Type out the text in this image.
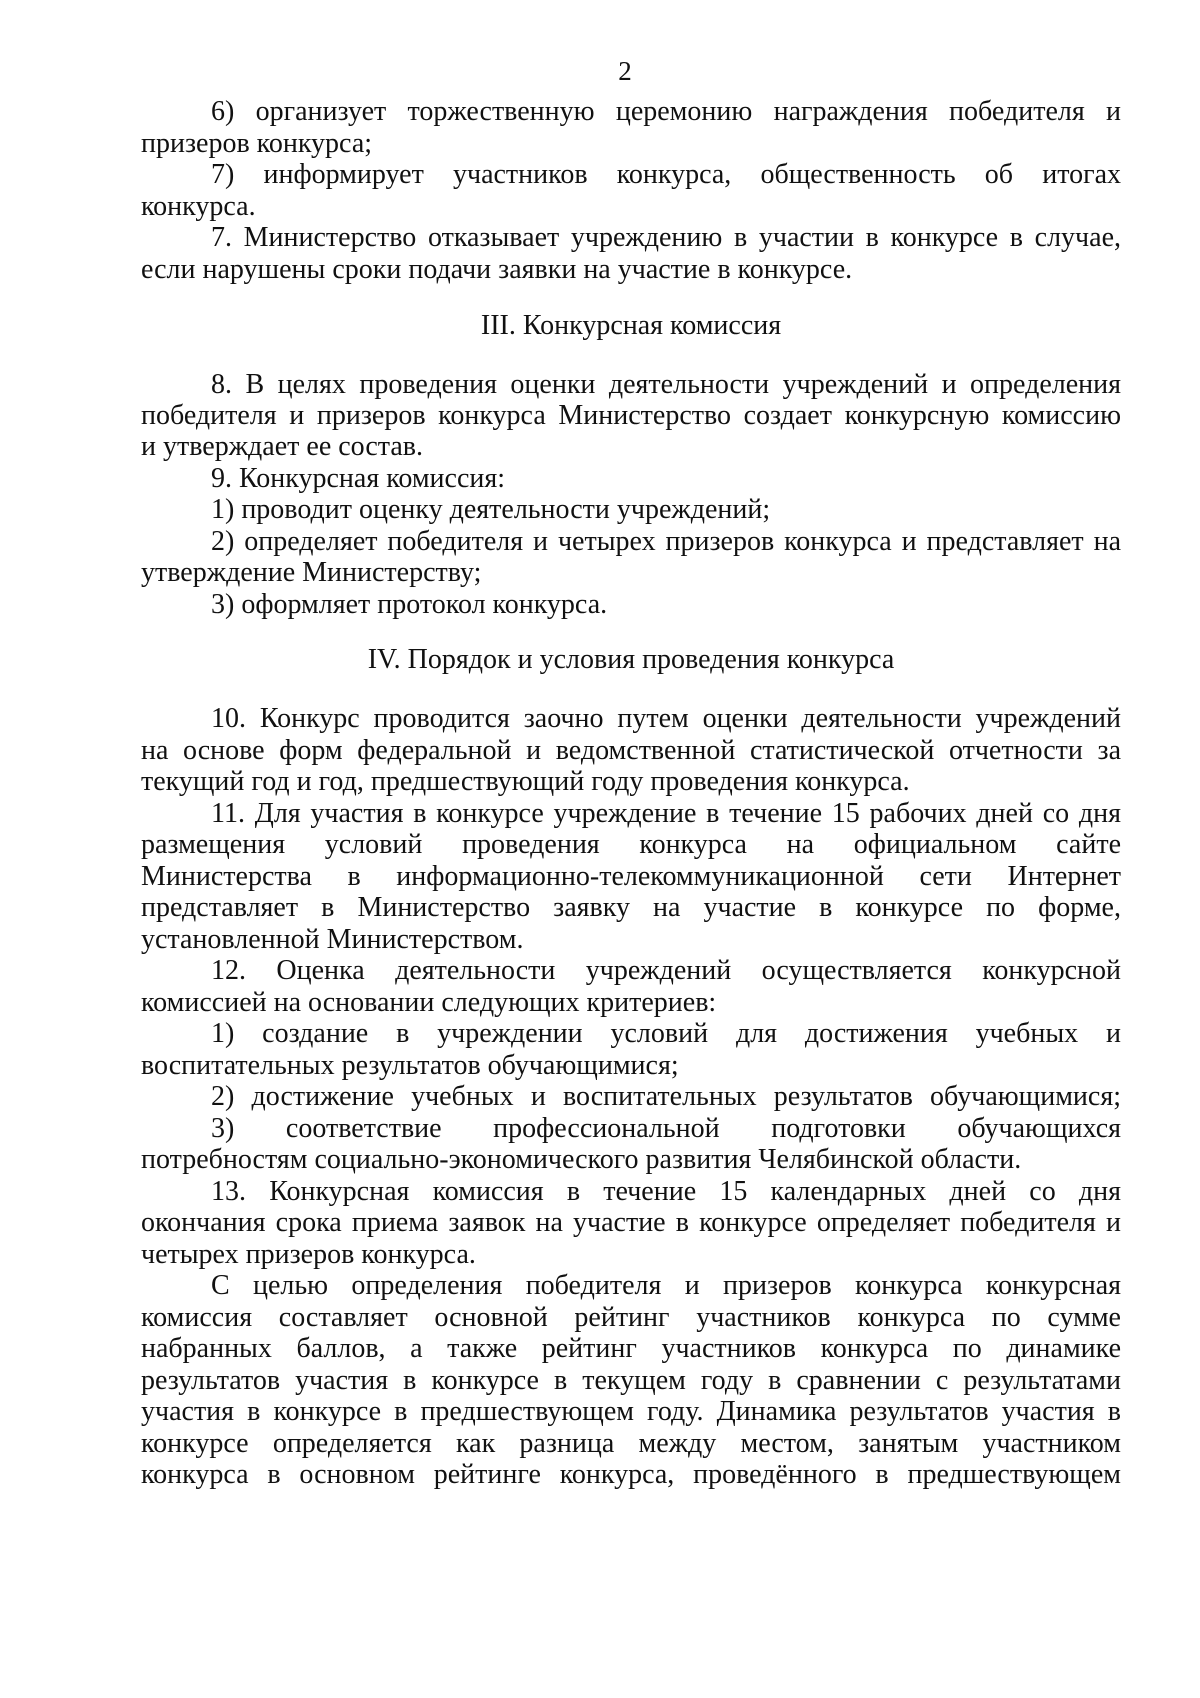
2
6) организует торжественную церемонию награждения победителя и
призеров конкурса;
7) информирует участников конкурса, общественность об итогах
конкурса.
7. Министерство отказывает учреждению в участии в конкурсе в случае,
если нарушены сроки подачи заявки на участие в конкурсе.
III. Конкурсная комиссия
8. В целях проведения оценки деятельности учреждений и определения
победителя и призеров конкурса Министерство создает конкурсную комиссию
и утверждает ее состав.
9. Конкурсная комиссия:
1) проводит оценку деятельности учреждений;
2) определяет победителя и четырех призеров конкурса и представляет на
утверждение Министерству;
3) оформляет протокол конкурса.
IV. Порядок и условия проведения конкурса
10. Конкурс проводится заочно путем оценки деятельности учреждений
на основе форм федеральной и ведомственной статистической отчетности за
текущий год и год, предшествующий году проведения конкурса.
11. Для участия в конкурсе учреждение в течение 15 рабочих дней со дня
размещения условий проведения конкурса на официальном сайте
Министерства в информационно-телекоммуникационной сети Интернет
представляет в Министерство заявку на участие в конкурсе по форме,
установленной Министерством.
12. Оценка деятельности учреждений осуществляется конкурсной
комиссией на основании следующих критериев:
1) создание в учреждении условий для достижения учебных и
воспитательных результатов обучающимися;
2) достижение учебных и воспитательных результатов обучающимися;
3) соответствие профессиональной подготовки обучающихся
потребностям социально-экономического развития Челябинской области.
13. Конкурсная комиссия в течение 15 календарных дней со дня
окончания срока приема заявок на участие в конкурсе определяет победителя и
четырех призеров конкурса.
С целью определения победителя и призеров конкурса конкурсная
комиссия составляет основной рейтинг участников конкурса по сумме
набранных баллов, а также рейтинг участников конкурса по динамике
результатов участия в конкурсе в текущем году в сравнении с результатами
участия в конкурсе в предшествующем году. Динамика результатов участия в
конкурсе определяется как разница между местом, занятым участником
конкурса в основном рейтинге конкурса, проведённого в предшествующем
